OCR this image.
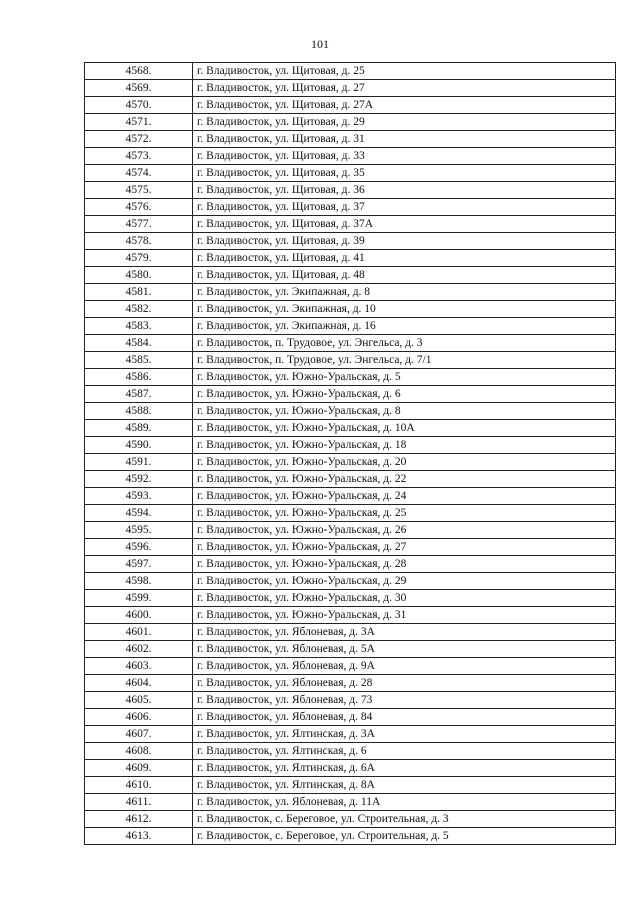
101
4568.	г. Владивосток, ул. Щитовая, д. 25
4569.	г. Владивосток, ул. Щитовая, д. 27
4570.	г. Владивосток, ул. Щитовая, д. 27А
4571.	г. Владивосток, ул. Щитовая, д. 29
4572.	г. Владивосток, ул. Щитовая, д. 31
4573.	г. Владивосток, ул. Щитовая, д. 33
4574.	г. Владивосток, ул. Щитовая, д. 35
4575.	г. Владивосток, ул. Щитовая, д. 36
4576.	г. Владивосток, ул. Щитовая, д. 37
4577.	г. Владивосток, ул. Щитовая, д. 37А
4578.	г. Владивосток, ул. Щитовая, д. 39
4579.	г. Владивосток, ул. Щитовая, д. 41
4580.	г. Владивосток, ул. Щитовая, д. 48
4581.	г. Владивосток, ул. Экипажная, д. 8
4582.	г. Владивосток, ул. Экипажная, д. 10
4583.	г. Владивосток, ул. Экипажная, д. 16
4584.	г. Владивосток, п. Трудовое, ул. Энгельса, д. 3
4585.	г. Владивосток, п. Трудовое, ул. Энгельса, д. 7/1
4586.	г. Владивосток, ул. Южно-Уральская, д. 5
4587.	г. Владивосток, ул. Южно-Уральская, д. 6
4588.	г. Владивосток, ул. Южно-Уральская, д. 8
4589.	г. Владивосток, ул. Южно-Уральская, д. 10А
4590.	г. Владивосток, ул. Южно-Уральская, д. 18
4591.	г. Владивосток, ул. Южно-Уральская, д. 20
4592.	г. Владивосток, ул. Южно-Уральская, д. 22
4593.	г. Владивосток, ул. Южно-Уральская, д. 24
4594.	г. Владивосток, ул. Южно-Уральская, д. 25
4595.	г. Владивосток, ул. Южно-Уральская, д. 26
4596.	г. Владивосток, ул. Южно-Уральская, д. 27
4597.	г. Владивосток, ул. Южно-Уральская, д. 28
4598.	г. Владивосток, ул. Южно-Уральская, д. 29
4599.	г. Владивосток, ул. Южно-Уральская, д. 30
4600.	г. Владивосток, ул. Южно-Уральская, д. 31
4601.	г. Владивосток, ул. Яблоневая, д. 3А
4602.	г. Владивосток, ул. Яблоневая, д. 5А
4603.	г. Владивосток, ул. Яблоневая, д. 9А
4604.	г. Владивосток, ул. Яблоневая, д. 28
4605.	г. Владивосток, ул. Яблоневая, д. 73
4606.	г. Владивосток, ул. Яблоневая, д. 84
4607.	г. Владивосток, ул. Ялтинская, д. 3А
4608.	г. Владивосток, ул. Ялтинская, д. 6
4609.	г. Владивосток, ул. Ялтинская, д. 6А
4610.	г. Владивосток, ул. Ялтинская, д. 8А
4611.	г. Владивосток, ул. Яблоневая, д. 11А
4612.	г. Владивосток, с. Береговое, ул. Строительная, д. 3
4613.	г. Владивосток, с. Береговое, ул. Строительная, д. 5
